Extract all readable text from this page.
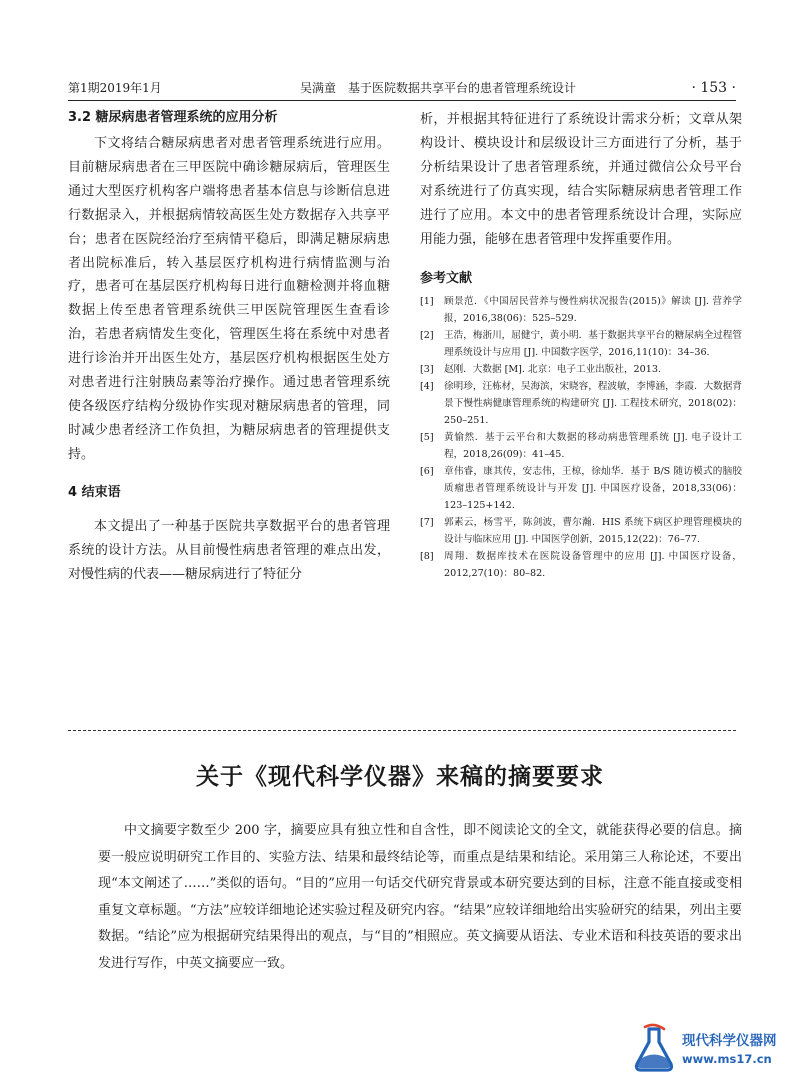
第1期2019年1月	吴满童　基于医院数据共享平台的患者管理系统设计	· 153 ·
3.2 糖尿病患者管理系统的应用分析

下文将结合糖尿病患者对患者管理系统进行应用。目前糖尿病患者在三甲医院中确诊糖尿病后，管理医生通过大型医疗机构客户端将患者基本信息与诊断信息进行数据录入，并根据病情较高医生处方数据存入共享平台；患者在医院经治疗至病情平稳后，即满足糖尿病患者出院标准后，转入基层医疗机构进行病情监测与治疗，患者可在基层医疗机构每日进行血糖检测并将血糖数据上传至患者管理系统供三甲医院管理医生查看诊治，若患者病情发生变化，管理医生将在系统中对患者进行诊治并开出医生处方，基层医疗机构根据医生处方对患者进行注射胰岛素等治疗操作。通过患者管理系统使各级医疗结构分级协作实现对糖尿病患者的管理，同时减少患者经济工作负担，为糖尿病患者的管理提供支持。

4 结束语

本文提出了一种基于医院共享数据平台的患者管理系统的设计方法。从目前慢性病患者管理的难点出发，对慢性病的代表——糖尿病进行了特征分

析，并根据其特征进行了系统设计需求分析；文章从架构设计、模块设计和层级设计三方面进行了分析，基于分析结果设计了患者管理系统，并通过微信公众号平台对系统进行了仿真实现，结合实际糖尿病患者管理工作进行了应用。本文中的患者管理系统设计合理，实际应用能力强，能够在患者管理中发挥重要作用。

参考文献
[1]	顾景范．《中国居民营养与慢性病状况报告(2015)》解读 [J]. 营养学报，2016,38(06)：525–529.
[2]	王浩，梅浙川，屈健宁，黄小明．基于数据共享平台的糖尿病全过程管理系统设计与应用 [J]. 中国数字医学，2016,11(10)：34–36.
[3]	赵刚．大数据 [M]. 北京：电子工业出版社，2013.
[4]	徐明珍，汪栋材，吴海滨，宋晓容，程波敏，李博涵，李霞．大数据背景下慢性病健康管理系统的构建研究 [J]. 工程技术研究，2018(02)：250–251.
[5]	黄愉然．基于云平台和大数据的移动病患管理系统 [J]. 电子设计工程，2018,26(09)：41–45.
[6]	章伟睿，康其传，安志伟，王椋，徐灿华．基于 B/S 随访模式的脑胶质瘤患者管理系统设计与开发 [J]. 中国医疗设备，2018,33(06)：123–125+142.
[7]	郭素云，杨雪平，陈剑波，曹尔瀚．HIS 系统下病区护理管理模块的设计与临床应用 [J]. 中国医学创新，2015,12(22)：76–77.
[8]	周翔．数据库技术在医院设备管理中的应用 [J]. 中国医疗设备，2012,27(10)：80–82.
关于《现代科学仪器》来稿的摘要要求

中文摘要字数至少 200 字，摘要应具有独立性和自含性，即不阅读论文的全文，就能获得必要的信息。摘要一般应说明研究工作目的、实验方法、结果和最终结论等，而重点是结果和结论。采用第三人称论述，不要出现“本文阐述了……”类似的语句。“目的”应用一句话交代研究背景或本研究要达到的目标，注意不能直接或变相重复文章标题。“方法”应较详细地论述实验过程及研究内容。“结果”应较详细地给出实验研究的结果，列出主要数据。“结论”应为根据研究结果得出的观点，与“目的”相照应。英文摘要从语法、专业术语和科技英语的要求出发进行写作，中英文摘要应一致。

现代科学仪器网
www.ms17.cn
